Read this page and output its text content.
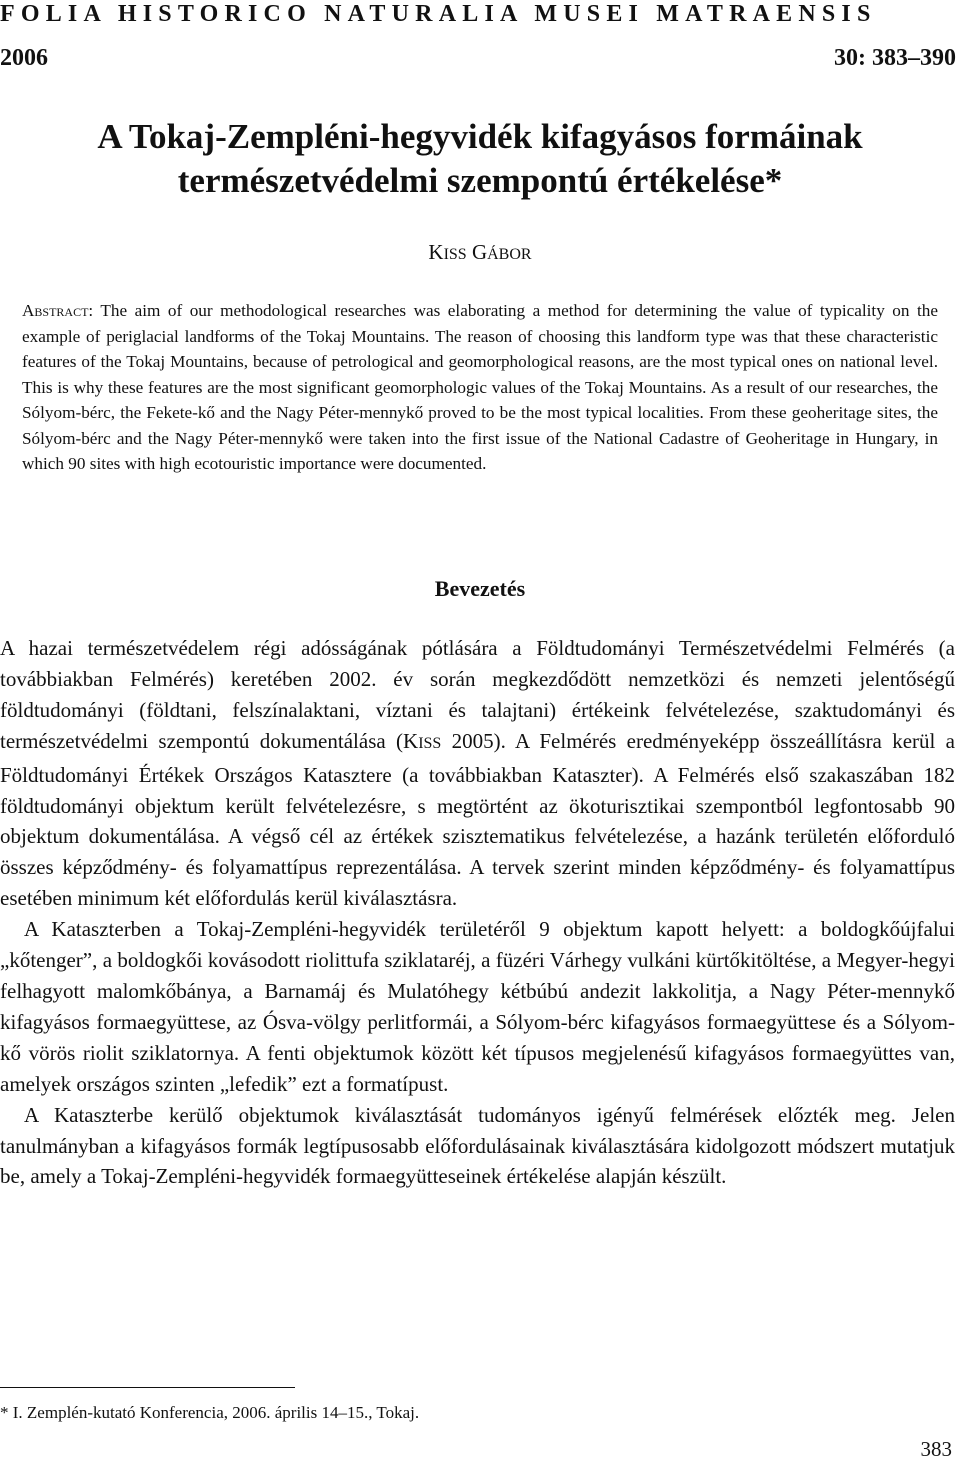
FOLIA HISTORICO NATURALIA MUSEI MATRAENSIS
2006	30: 383–390
A Tokaj-Zempléni-hegyvidék kifagyásos formáinak
természetvédelmi szempontú értékelése*
KISS GÁBOR
Abstract: The aim of our methodological researches was elaborating a method for determining the value of typicality on the example of periglacial landforms of the Tokaj Mountains. The reason of choosing this landform type was that these characteristic features of the Tokaj Mountains, because of petrological and geomorphological reasons, are the most typical ones on national level. This is why these features are the most significant geomorphologic values of the Tokaj Mountains. As a result of our researches, the Sólyom-bérc, the Fekete-kő and the Nagy Péter-mennykő proved to be the most typical localities. From these geoheritage sites, the Sólyom-bérc and the Nagy Péter-mennykő were taken into the first issue of the National Cadastre of Geoheritage in Hungary, in which 90 sites with high ecotouristic importance were documented.
Bevezetés

A hazai természetvédelem régi adósságának pótlására a Földtudományi Természetvédelmi Felmérés (a továbbiakban Felmérés) keretében 2002. év során megkezdődött nemzetközi és nemzeti jelentőségű földtudományi (földtani, felszínalaktani, víztani és talajtani) értékeink felvételezése, szaktudományi és természetvédelmi szempontú dokumentálása (KISS 2005). A Felmérés eredményeképp összeállításra kerül a Földtudományi Értékek Országos Katasztere (a továbbiakban Kataszter). A Felmérés első szakaszában 182 földtudományi objektum került felvételezésre, s megtörtént az ökoturisztikai szempontból legfontosabb 90 objektum dokumentálása. A végső cél az értékek szisztematikus felvételezése, a hazánk területén előforduló összes képződmény- és folyamattípus reprezentálása. A tervek szerint minden képződmény- és folyamattípus esetében minimum két előfordulás kerül kiválasztásra.

A Kataszterben a Tokaj-Zempléni-hegyvidék területéről 9 objektum kapott helyett: a boldogkőújfalui „kőtenger”, a boldogkői kovásodott riolittufa sziklataréj, a füzéri Várhegy vulkáni kürtőkitöltése, a Megyer-hegyi felhagyott malomkőbánya, a Barnamáj és Mulatóhegy kétbúbú andezit lakkolitja, a Nagy Péter-mennykő kifagyásos formaegyüttese, az Ósva-völgy perlitformái, a Sólyom-bérc kifagyásos formaegyüttese és a Sólyom-kő vörös riolit sziklatornya. A fenti objektumok között két típusos megjelenésű kifagyásos formaegyüttes van, amelyek országos szinten „lefedik” ezt a formatípust.

A Kataszterbe kerülő objektumok kiválasztását tudományos igényű felmérések előzték meg. Jelen tanulmányban a kifagyásos formák legtípusosabb előfordulásainak kiválasztására kidolgozott módszert mutatjuk be, amely a Tokaj-Zempléni-hegyvidék formaegyütteseinek értékelése alapján készült.

* I. Zemplén-kutató Konferencia, 2006. április 14–15., Tokaj.
383
